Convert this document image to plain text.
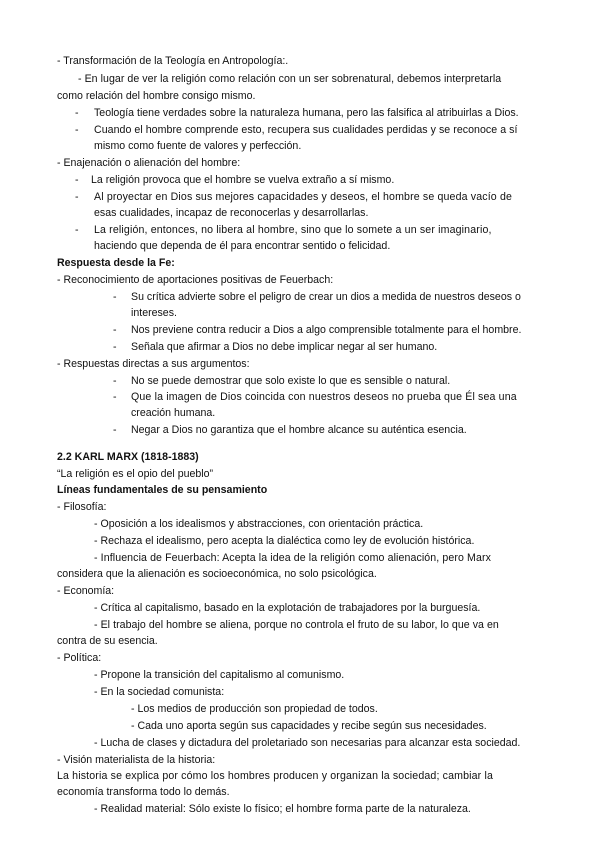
- Transformación de la Teología en Antropología:.

- En lugar de ver la religión como relación con un ser sobrenatural, debemos interpretarla

como relación del hombre consigo mismo.

- Teología tiene verdades sobre la naturaleza humana, pero las falsifica al atribuirlas a Dios.

- Cuando el hombre comprende esto, recupera sus cualidades perdidas y se reconoce a sí

mismo como fuente de valores y perfección.

- Enajenación o alienación del hombre:

- La religión provoca que el hombre se vuelva extraño a sí mismo.

- Al proyectar en Dios sus mejores capacidades y deseos, el hombre se queda vacío de

esas cualidades, incapaz de reconocerlas y desarrollarlas.

- La religión, entonces, no libera al hombre, sino que lo somete a un ser imaginario,

haciendo que dependa de él para encontrar sentido o felicidad.

Respuesta desde la Fe:

- Reconocimiento de aportaciones positivas de Feuerbach:

- Su crítica advierte sobre el peligro de crear un dios a medida de nuestros deseos o

intereses.

- Nos previene contra reducir a Dios a algo comprensible totalmente para el hombre.

- Señala que afirmar a Dios no debe implicar negar al ser humano.

- Respuestas directas a sus argumentos:

- No se puede demostrar que solo existe lo que es sensible o natural.

- Que la imagen de Dios coincida con nuestros deseos no prueba que Él sea una

creación humana.

- Negar a Dios no garantiza que el hombre alcance su auténtica esencia.

2.2 KARL MARX (1818-1883)

“La religión es el opio del pueblo”

Líneas fundamentales de su pensamiento

- Filosofía:

- Oposición a los idealismos y abstracciones, con orientación práctica.

- Rechaza el idealismo, pero acepta la dialéctica como ley de evolución histórica.

- Influencia de Feuerbach: Acepta la idea de la religión como alienación, pero Marx

considera que la alienación es socioeconómica, no solo psicológica.

- Economía:

- Crítica al capitalismo, basado en la explotación de trabajadores por la burguesía.

- El trabajo del hombre se aliena, porque no controla el fruto de su labor, lo que va en

contra de su esencia.

- Política:

- Propone la transición del capitalismo al comunismo.

- En la sociedad comunista:

- Los medios de producción son propiedad de todos.

- Cada uno aporta según sus capacidades y recibe según sus necesidades.

- Lucha de clases y dictadura del proletariado son necesarias para alcanzar esta sociedad.

- Visión materialista de la historia:

La historia se explica por cómo los hombres producen y organizan la sociedad; cambiar la

economía transforma todo lo demás.

- Realidad material: Sólo existe lo físico; el hombre forma parte de la naturaleza.
